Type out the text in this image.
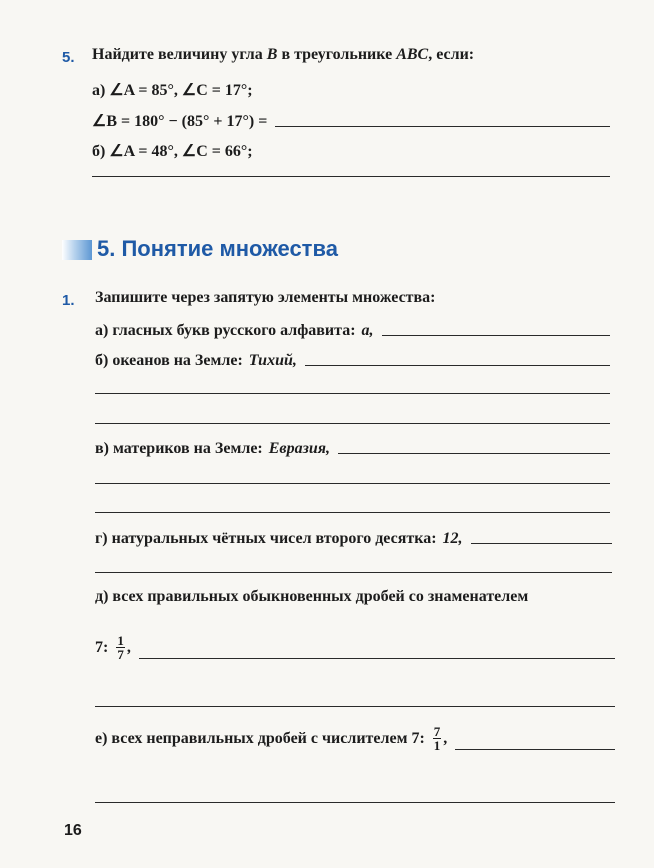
5. Найдите величину угла B в треугольнике ABC, если:
а) ∠A = 85°, ∠C = 17°;
∠B = 180° − (85° + 17°) =
б) ∠A = 48°, ∠C = 66°;
5. Понятие множества
1. Запишите через запятую элементы множества:
а) гласных букв русского алфавита: а,
б) океанов на Земле: Тихий,
в) материков на Земле: Евразия,
г) натуральных чётных чисел второго десятка: 12,
д) всех правильных обыкновенных дробей со знаменателем
7: $\frac{1}{7}$ ,
е) всех неправильных дробей с числителем 7: $\frac{7}{1}$ ,
16
